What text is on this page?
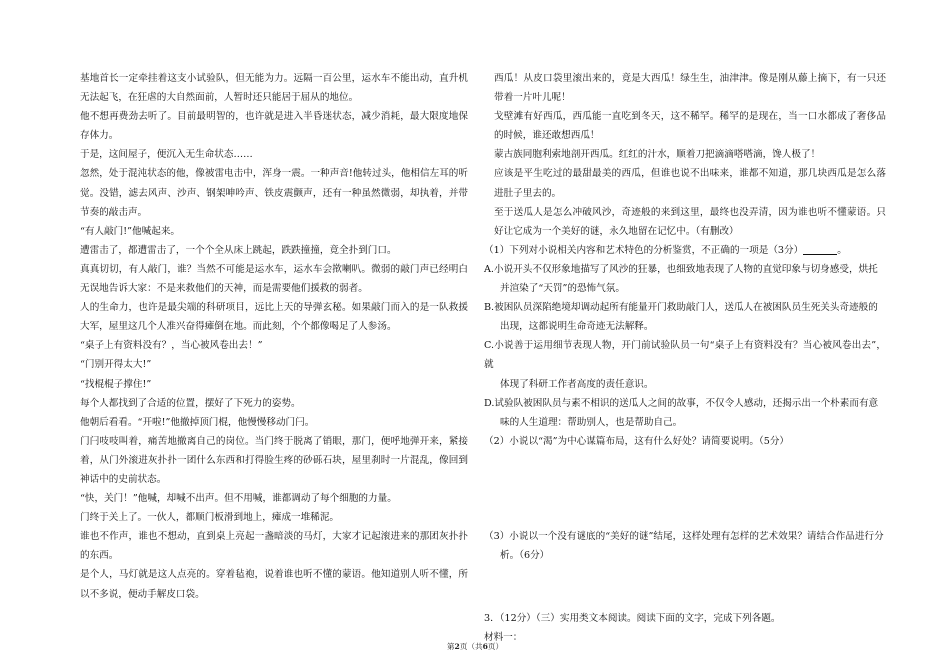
基地首长一定牵挂着这支小试验队，但无能为力。远隔一百公里，运水车不能出动，直升机无法起飞，在狂虐的大自然面前，人暂时还只能居于屈从的地位。

他不想再费劲去听了。目前最明智的，也许就是进入半昏迷状态，减少消耗，最大限度地保存体力。

于是，这间屋子，便沉入无生命状态……

忽然，处于混沌状态的他，像被雷电击中，浑身一震。一种声音!他转过头，他相信左耳的听觉。没错，滤去风声、沙声、钢架呻吟声、铁皮震颤声，还有一种虽然微弱，却执着，并带节奏的敲击声。

“有人敲门!”他喊起来。

遭雷击了，都遭雷击了，一个个全从床上跳起，跌跌撞撞，竟全扑到门口。

真真切切，有人敲门，谁？当然不可能是运水车，运水车会揿喇叭。微弱的敲门声已经明白无误地告诉大家：不是来救他们的天神，而是需要他们援救的弱者。

人的生命力，也许是最尖端的科研项目，远比上天的导弹玄秘。如果敲门而入的是一队救援大军，屋里这几个人准兴奋得瘫倒在地。而此刻，个个都像喝足了人参汤。

“桌子上有资料没有？，当心被风卷出去！”

“门别开得太大!”

“找棍棍子撑住!”

每个人都找到了合适的位置，摆好了下死力的姿势。

他朝后看看。“开啦!”他撤掉顶门棍，他慢慢移动门闩。

门闩吱吱叫着，痛苦地撤离自己的岗位。当门终于脱离了销眼，那门，便呼地弹开来，紧接着，从门外滚进灰扑扑一团什么东西和打得脸生疼的砂砾石块，屋里刹时一片混乱，像回到神话中的史前状态。

“快，关门！”他喊，却喊不出声。但不用喊，谁都调动了每个细胞的力量。

门终于关上了。一伙人，都顺门板滑到地上，瘫成一堆稀泥。

谁也不作声，谁也不想动，直到桌上亮起一盏暗淡的马灯，大家才记起滚进来的那团灰扑扑的东西。

是个人，马灯就是这人点亮的。穿着毡袍，说着谁也听不懂的蒙语。他知道别人听不懂，所以不多说，便动手解皮口袋。

西瓜！从皮口袋里滚出来的，竟是大西瓜！绿生生，油津津。像是刚从藤上摘下，有一只还带着一片叶儿呢！

戈壁滩有好西瓜，西瓜能一直吃到冬天，这不稀罕。稀罕的是现在，当一口水都成了奢侈品的时候，谁还敢想西瓜！

蒙古族同胞利索地剖开西瓜。红红的汁水，顺着刀把滴滴嗒嗒滴，馋人极了！

应该是平生吃过的最甜最美的西瓜，但谁也说不出味来，谁都不知道，那几块西瓜是怎么落进肚子里去的。

至于送瓜人是怎么冲破风沙，奇迹般的来到这里，最终也没弄清，因为谁也听不懂蒙语。只好让它成为一个美好的谜，永久地留在记忆中。（有删改）

（1）下列对小说相关内容和艺术特色的分析鉴赏，不正确的一项是（3分）	。

A.小说开头不仅形象地描写了风沙的狂暴，也细致地表现了人物的直觉印象与切身感受，烘托

并渲染了“天罚”的恐怖气氛。

B.被困队员深陷绝境却调动起所有能量开门救助敲门人，送瓜人在被困队员生死关头奇迹般的

出现，这都说明生命奇迹无法解释。

C.小说善于运用细节表现人物，开门前试验队员一句“桌子上有资料没有？当心被风卷出去”，就

体现了科研工作者高度的责任意识。

D.试验队被困队员与素不相识的送瓜人之间的故事，不仅令人感动，还揭示出一个朴素而有意

味的人生道理：帮助别人，也是帮助自己。

（2）小说以“渴”为中心谋篇布局，这有什么好处？请简要说明。（5分）

（3）小说以一个没有谜底的“美好的谜”结尾，这样处理有怎样的艺术效果？请结合作品进行分

析。（6分）

3．（12分）（三）实用类文本阅读。阅读下面的文字，完成下列各题。

材料一：

第2页（共6页）
